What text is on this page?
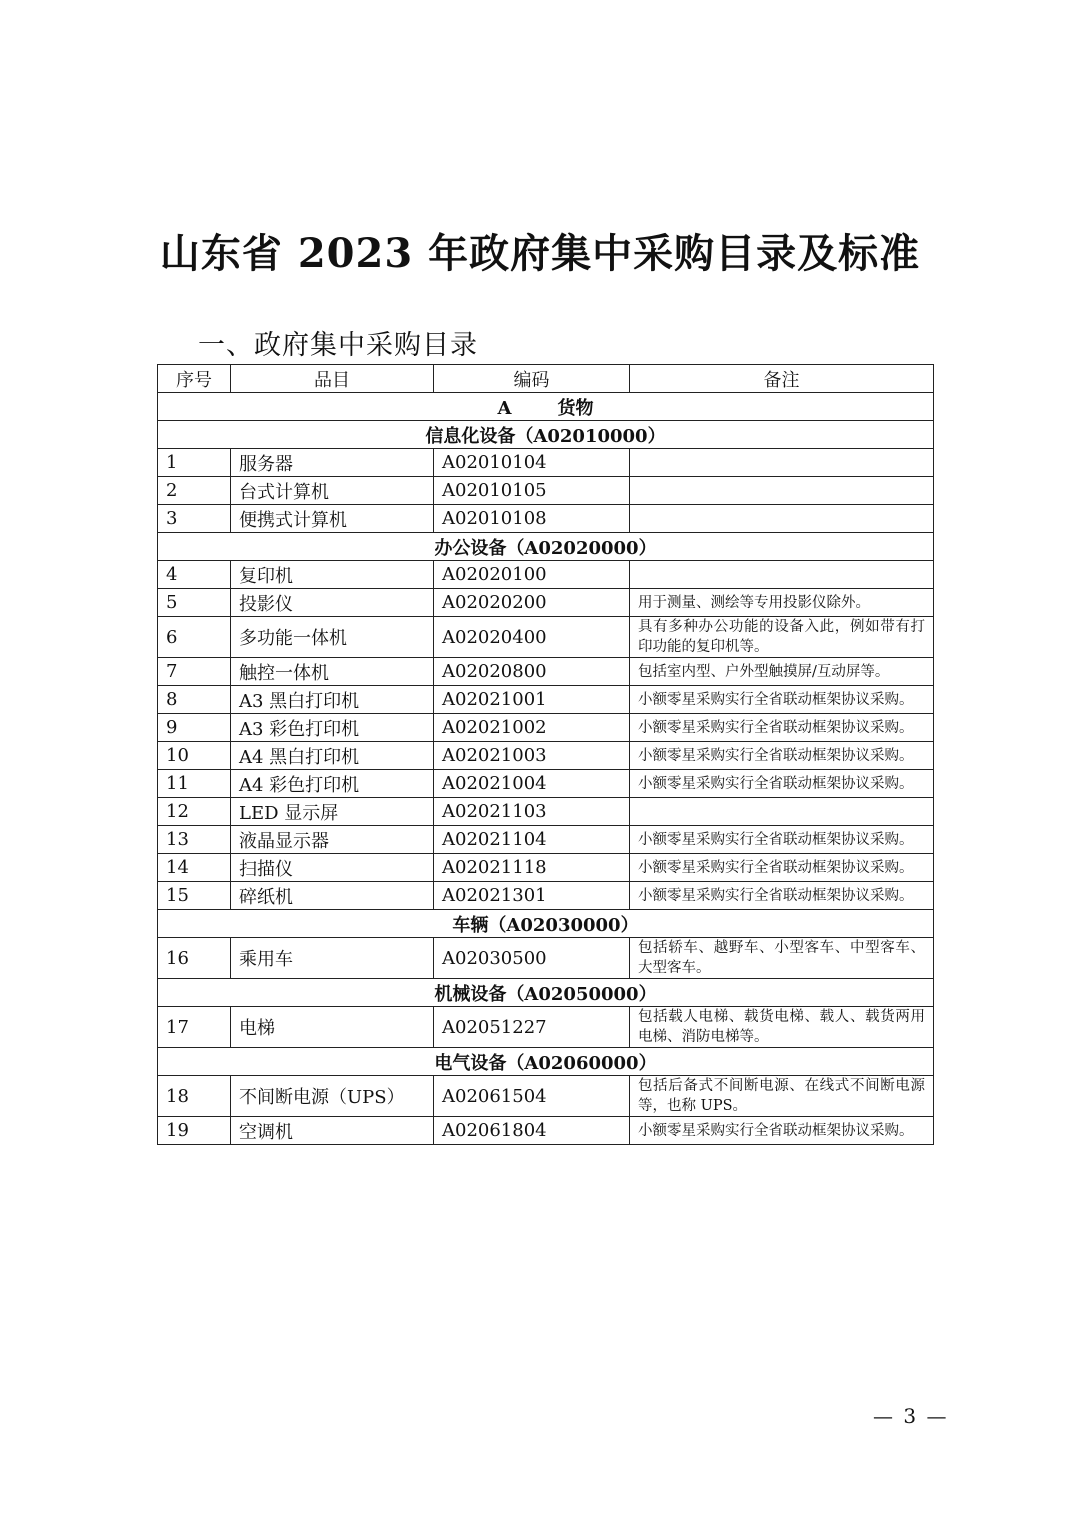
山东省 2023 年政府集中采购目录及标准
一、政府集中采购目录
序号	品目	编码	备注
A 货物			
信息化设备（A02010000）			
1	服务器	A02010104	
2	台式计算机	A02010105	
3	便携式计算机	A02010108	
办公设备（A02020000）			
4	复印机	A02020100	
5	投影仪	A02020200	用于测量、测绘等专用投影仪除外。
6	多功能一体机	A02020400	具有多种办公功能的设备入此，例如带有打印功能的复印机等。
7	触控一体机	A02020800	包括室内型、户外型触摸屏/互动屏等。
8	A3 黑白打印机	A02021001	小额零星采购实行全省联动框架协议采购。
9	A3 彩色打印机	A02021002	小额零星采购实行全省联动框架协议采购。
10	A4 黑白打印机	A02021003	小额零星采购实行全省联动框架协议采购。
11	A4 彩色打印机	A02021004	小额零星采购实行全省联动框架协议采购。
12	LED 显示屏	A02021103	
13	液晶显示器	A02021104	小额零星采购实行全省联动框架协议采购。
14	扫描仪	A02021118	小额零星采购实行全省联动框架协议采购。
15	碎纸机	A02021301	小额零星采购实行全省联动框架协议采购。
车辆（A02030000）			
16	乘用车	A02030500	包括轿车、越野车、小型客车、中型客车、大型客车。
机械设备（A02050000）			
17	电梯	A02051227	包括载人电梯、载货电梯、载人、载货两用电梯、消防电梯等。
电气设备（A02060000）			
18	不间断电源（UPS）	A02061504	包括后备式不间断电源、在线式不间断电源等，也称 UPS。
19	空调机	A02061804	小额零星采购实行全省联动框架协议采购。
— 3 —
